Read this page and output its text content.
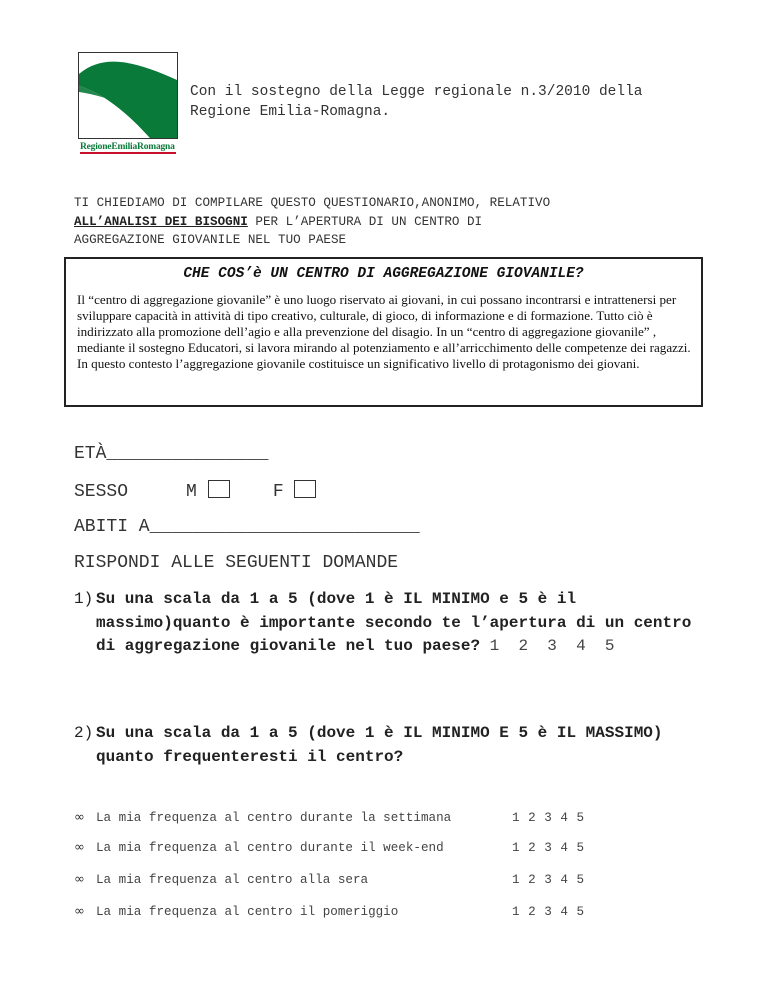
RegioneEmiliaRomagna
Con il sostegno della Legge regionale n.3/2010 della
Regione Emilia-Romagna.
TI CHIEDIAMO DI COMPILARE QUESTO QUESTIONARIO,ANONIMO, RELATIVO
ALL’ANALISI DEI BISOGNI PER L’APERTURA DI UN CENTRO DI
AGGREGAZIONE GIOVANILE NEL TUO PAESE
CHE COS’è UN CENTRO DI AGGREGAZIONE GIOVANILE?
Il “centro di aggregazione giovanile” è uno luogo riservato ai giovani, in cui possano incontrarsi e intrattenersi per sviluppare capacità in attività di tipo creativo, culturale, di gioco, di informazione e di formazione. Tutto ciò è indirizzato alla promozione dell’agio e alla prevenzione del disagio. In un “centro di aggregazione giovanile” , mediante il sostegno Educatori, si lavora mirando al potenziamento e all’arricchimento delle competenze dei ragazzi. In questo contesto l’aggregazione giovanile costituisce un significativo livello di protagonismo dei giovani.
ETÀ_______________
SESSO	M	F
ABITI A_________________________
RISPONDI ALLE SEGUENTI DOMANDE
1) Su una scala da 1 a 5 (dove 1 è IL MINIMO e 5 è il massimo)quanto è importante secondo te l’apertura di un centro di aggregazione giovanile nel tuo paese? 1  2  3  4  5
2) Su una scala da 1 a 5 (dove 1 è IL MINIMO E 5 è IL MASSIMO) quanto frequenteresti il centro?
∞ La mia frequenza al centro durante la settimana	1 2 3 4 5
∞ La mia frequenza al centro durante il week-end	1 2 3 4 5
∞ La mia frequenza al centro alla sera	1 2 3 4 5
∞ La mia frequenza al centro il pomeriggio	1 2 3 4 5
